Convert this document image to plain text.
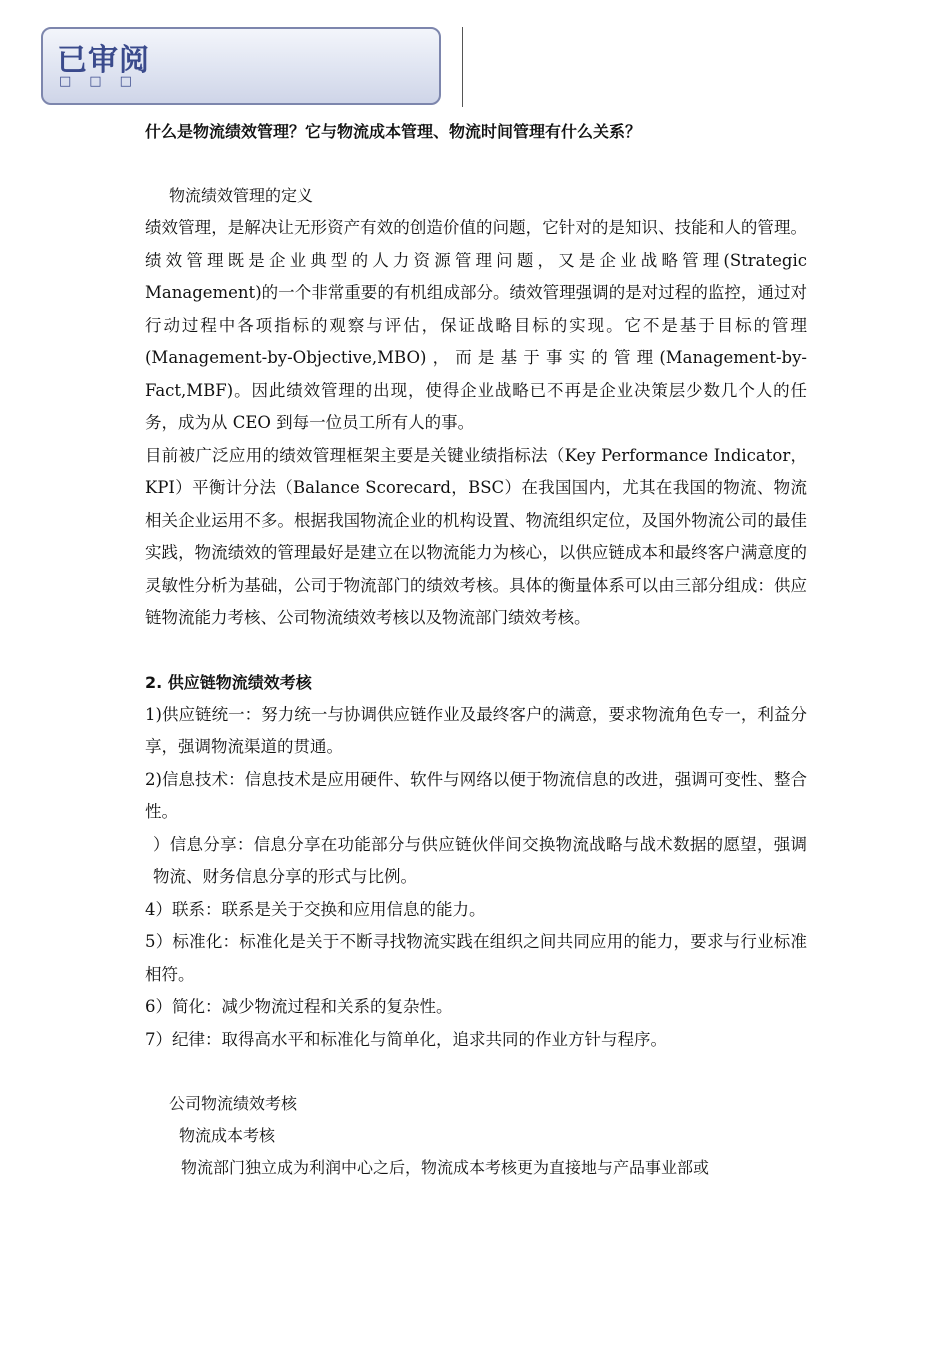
已审阅
□□□

什么是物流绩效管理？它与物流成本管理、物流时间管理有什么关系？

物流绩效管理的定义

绩效管理，是解决让无形资产有效的创造价值的问题，它针对的是知识、技能和人的管理。绩效管理既是企业典型的人力资源管理问题，又是企业战略管理(Strategic Management)的一个非常重要的有机组成部分。绩效管理强调的是对过程的监控，通过对行动过程中各项指标的观察与评估，保证战略目标的实现。它不是基于目标的管理(Management-by-Objective,MBO)，而是基于事实的管理(Management-by-Fact,MBF)。因此绩效管理的出现，使得企业战略已不再是企业决策层少数几个人的任务，成为从 CEO 到每一位员工所有人的事。

目前被广泛应用的绩效管理框架主要是关键业绩指标法（Key Performance Indicator，KPI）平衡计分法（Balance Scorecard，BSC）在我国国内，尤其在我国的物流、物流相关企业运用不多。根据我国物流企业的机构设置、物流组织定位，及国外物流公司的最佳实践，物流绩效的管理最好是建立在以物流能力为核心，以供应链成本和最终客户满意度的灵敏性分析为基础，公司于物流部门的绩效考核。具体的衡量体系可以由三部分组成：供应链物流能力考核、公司物流绩效考核以及物流部门绩效考核。

2. 供应链物流绩效考核

1)供应链统一：努力统一与协调供应链作业及最终客户的满意，要求物流角色专一，利益分享，强调物流渠道的贯通。

2)信息技术：信息技术是应用硬件、软件与网络以便于物流信息的改进，强调可变性、整合性。

）信息分享：信息分享在功能部分与供应链伙伴间交换物流战略与战术数据的愿望，强调物流、财务信息分享的形式与比例。

4）联系：联系是关于交换和应用信息的能力。

5）标准化：标准化是关于不断寻找物流实践在组织之间共同应用的能力，要求与行业标准相符。

6）简化：减少物流过程和关系的复杂性。

7）纪律：取得高水平和标准化与简单化，追求共同的作业方针与程序。

公司物流绩效考核

物流成本考核

物流部门独立成为利润中心之后，物流成本考核更为直接地与产品事业部或
